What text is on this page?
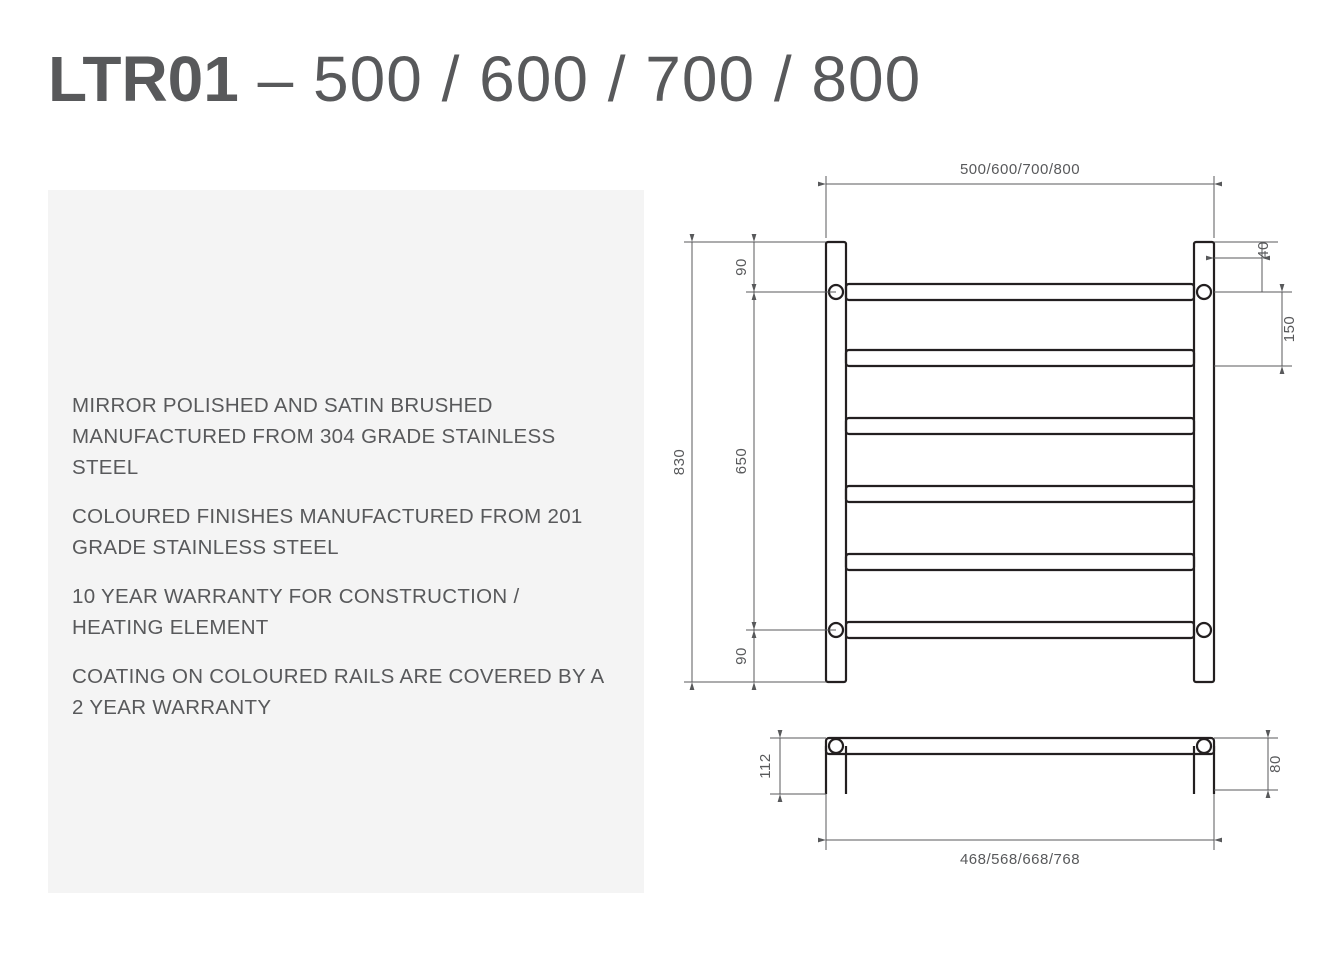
LTR01 – 500 / 600 / 700 / 800
MIRROR POLISHED AND SATIN BRUSHED MANUFACTURED FROM 304 GRADE STAINLESS STEEL
COLOURED FINISHES MANUFACTURED FROM 201 GRADE STAINLESS STEEL
10 YEAR WARRANTY FOR CONSTRUCTION / HEATING ELEMENT
COATING ON COLOURED RAILS ARE COVERED BY A 2 YEAR WARRANTY
500/600/700/800
830	650
90
90
40
150
112	80
468/568/668/768
